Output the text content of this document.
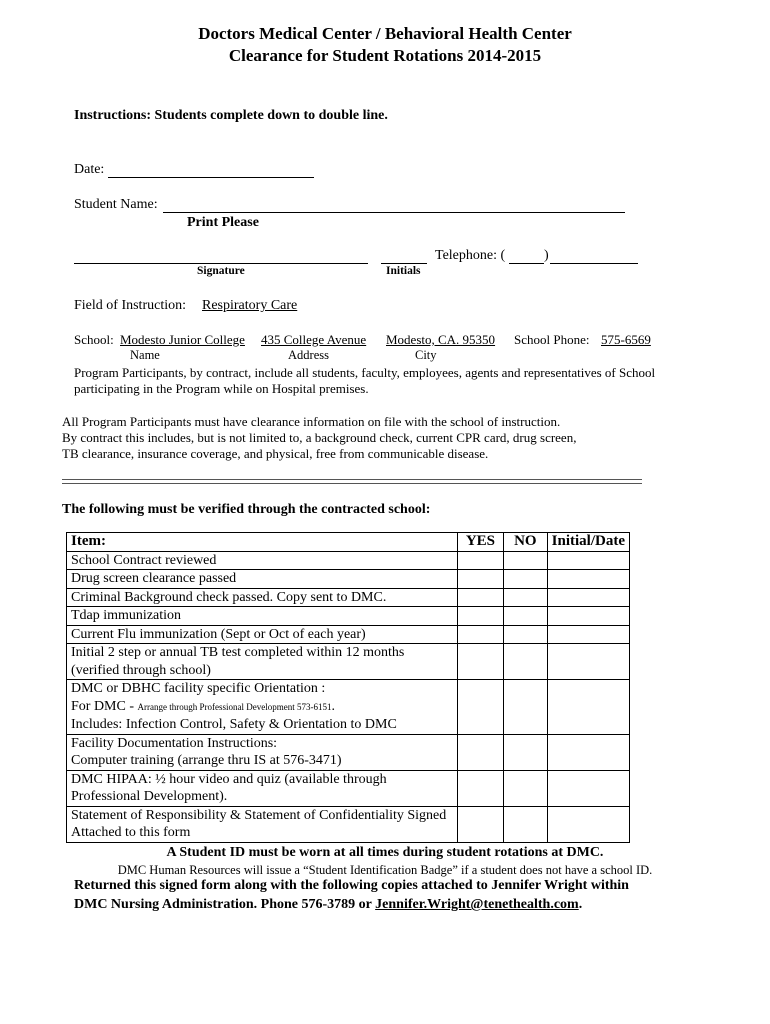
Doctors Medical Center / Behavioral Health Center
Clearance for Student Rotations 2014-2015
Instructions: Students complete down to double line.
Date:
Student Name:
Print Please
Telephone: (	)
Signature	Initials
Field of Instruction: Respiratory Care
School: Modesto Junior College 435 College Avenue Modesto, CA. 95350 School Phone: 575-6569
Name	Address	City
Program Participants, by contract, include all students, faculty, employees, agents and representatives of School
participating in the Program while on Hospital premises.
All Program Participants must have clearance information on file with the school of instruction.
By contract this includes, but is not limited to, a background check, current CPR card, drug screen,
TB clearance, insurance coverage, and physical, free from communicable disease.
The following must be verified through the contracted school:
Item:	YES	NO	Initial/Date
School Contract reviewed			
Drug screen clearance passed			
Criminal Background check passed. Copy sent to DMC.			
Tdap immunization			
Current Flu immunization (Sept or Oct of each year)			

Initial 2 step or annual TB test completed within 12 months
(verified through school)			

DMC or DBHC facility specific Orientation :
For DMC - Arrange through Professional Development 573-6151.
Includes: Infection Control, Safety & Orientation to DMC			

Facility Documentation Instructions:
Computer training (arrange thru IS at 576-3471)			

DMC HIPAA: ½ hour video and quiz (available through
Professional Development).			

Statement of Responsibility & Statement of Confidentiality Signed
Attached to this form			

A Student ID must be worn at all times during student rotations at DMC.
DMC Human Resources will issue a “Student Identification Badge” if a student does not have a school ID.
Returned this signed form along with the following copies attached to Jennifer Wright within
DMC Nursing Administration. Phone 576-3789 or Jennifer.Wright@tenethealth.com.
